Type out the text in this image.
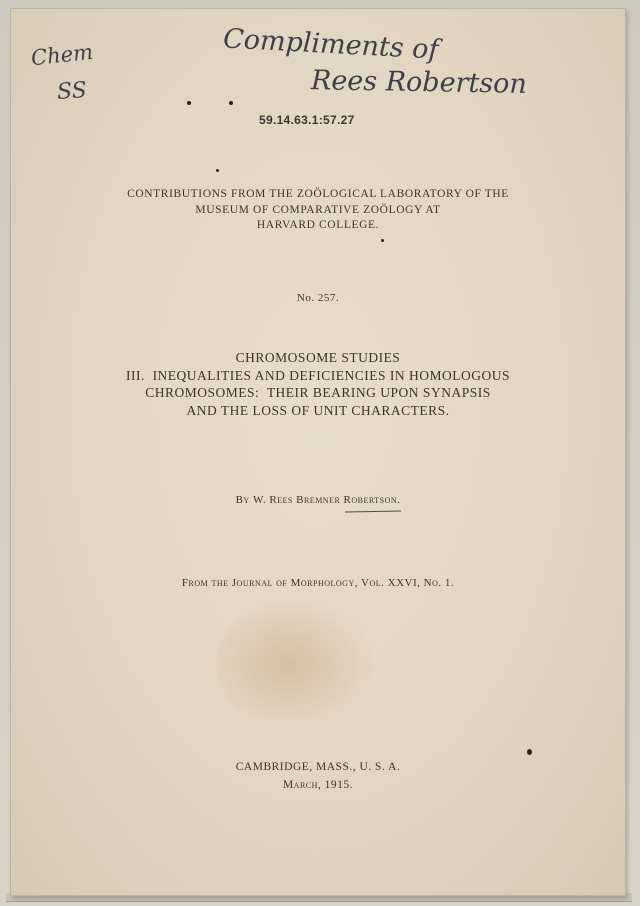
Chem
SS
Compliments of
Rees Robertson
59.14.63.1:57.27
CONTRIBUTIONS FROM THE ZOÖLOGICAL LABORATORY OF THE
MUSEUM OF COMPARATIVE ZOÖLOGY AT
HARVARD COLLEGE.
No. 257.
CHROMOSOME STUDIES
III.  INEQUALITIES AND DEFICIENCIES IN HOMOLOGOUS
CHROMOSOMES:  THEIR BEARING UPON SYNAPSIS
AND THE LOSS OF UNIT CHARACTERS.
By W. Rees Bremner Robertson.
From the Journal of Morphology, Vol. XXVI, No. 1.
CAMBRIDGE, MASS., U. S. A.
March, 1915.
